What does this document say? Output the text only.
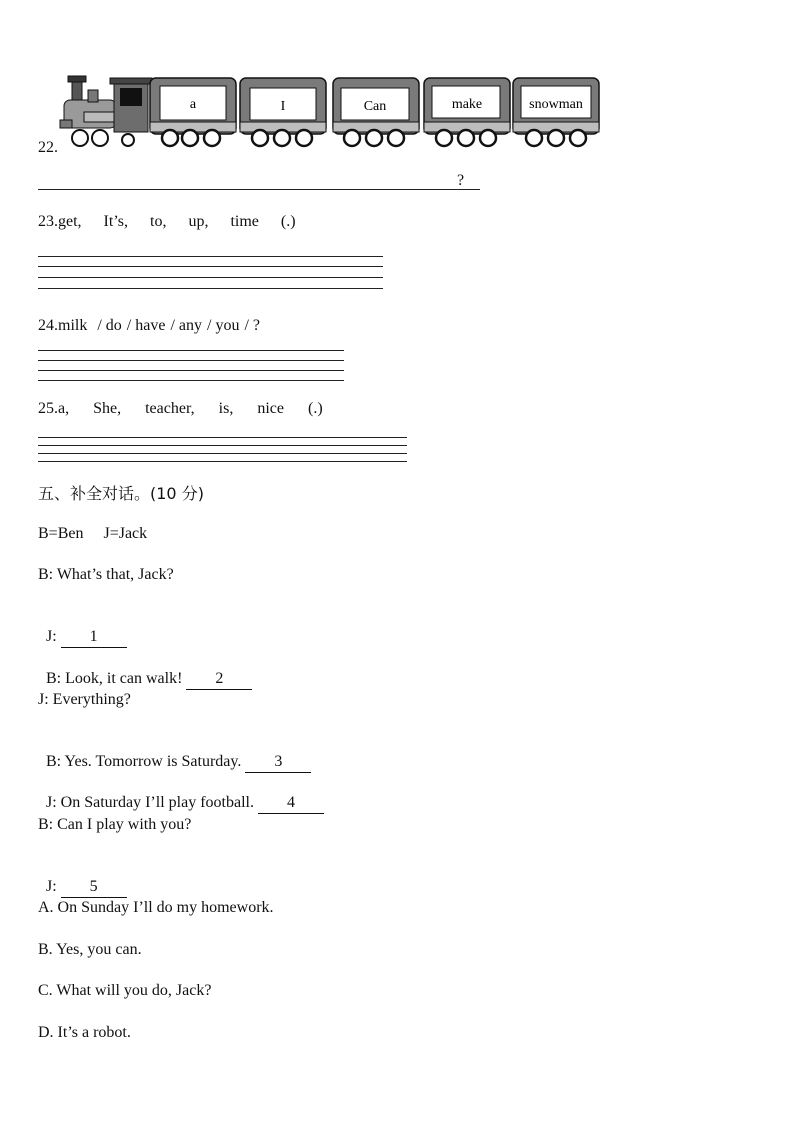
a	I	Can	make	snowman
22.
?
23.get, It’s, to, up, time (.)
24.milk / do / have / any / you / ?
25.a, She, teacher, is, nice (.)
五、补全对话。(10 分)
B=Ben     J=Jack
B: What’s that, Jack?

J: 1

B: Look, it can walk! 2

J: Everything?

B: Yes. Tomorrow is Saturday. 3

J: On Saturday I’ll play football. 4

B: Can I play with you?

J: 5

A. On Sunday I’ll do my homework.
B. Yes, you can.
C. What will you do, Jack?
D. It’s a robot.
